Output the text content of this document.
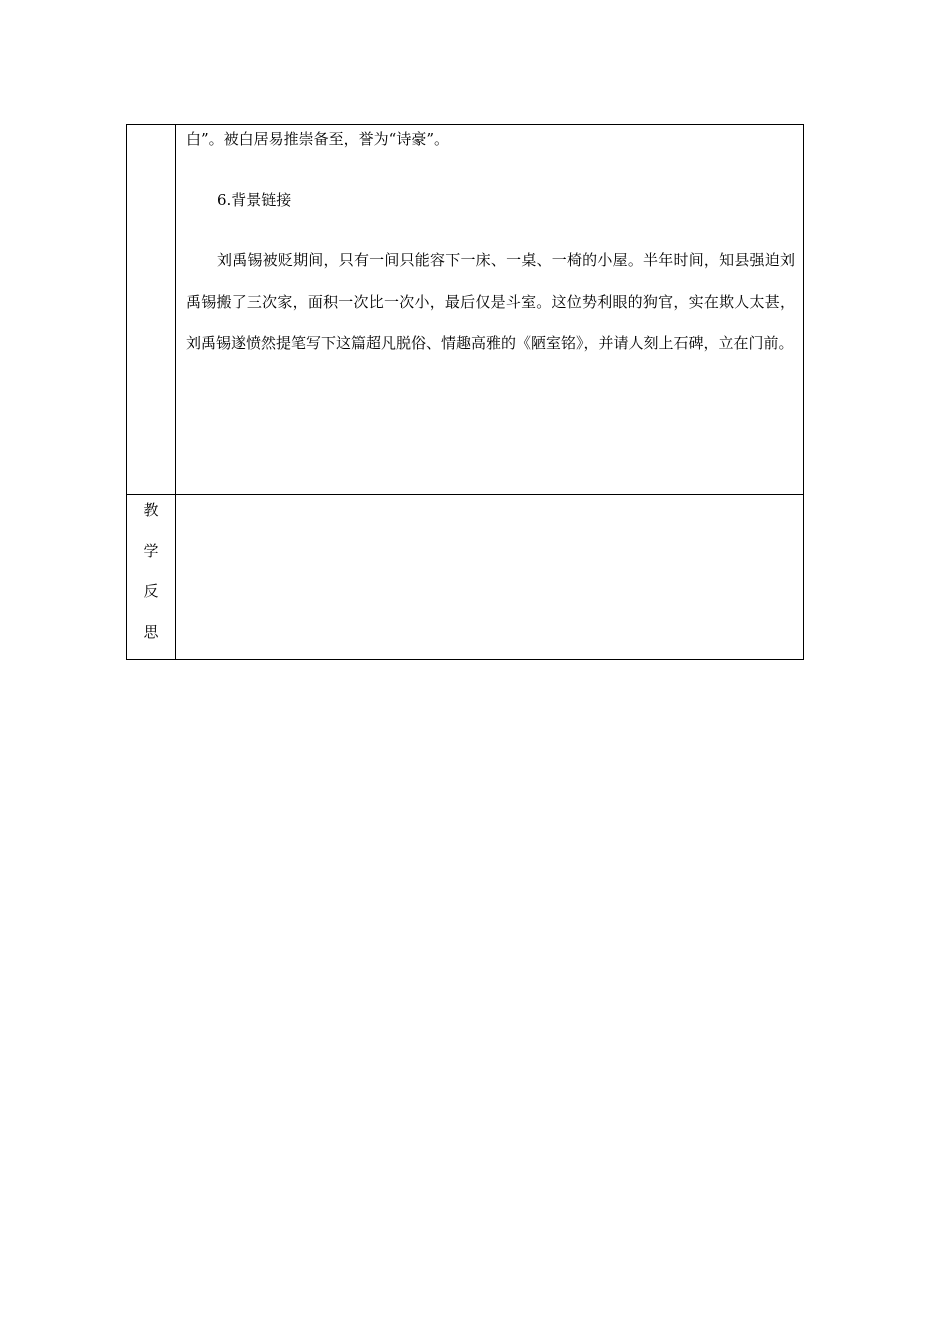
	白”。被白居易推崇备至，誉为“诗豪”。

6.背景链接

刘禹锡被贬期间，只有一间只能容下一床、一桌、一椅的小屋。半年时间，知县强迫刘禹锡搬了三次家，面积一次比一次小，最后仅是斗室。这位势利眼的狗官，实在欺人太甚，刘禹锡遂愤然提笔写下这篇超凡脱俗、情趣高雅的《陋室铭》，并请人刻上石碑，立在门前。

教
学
反
思	
